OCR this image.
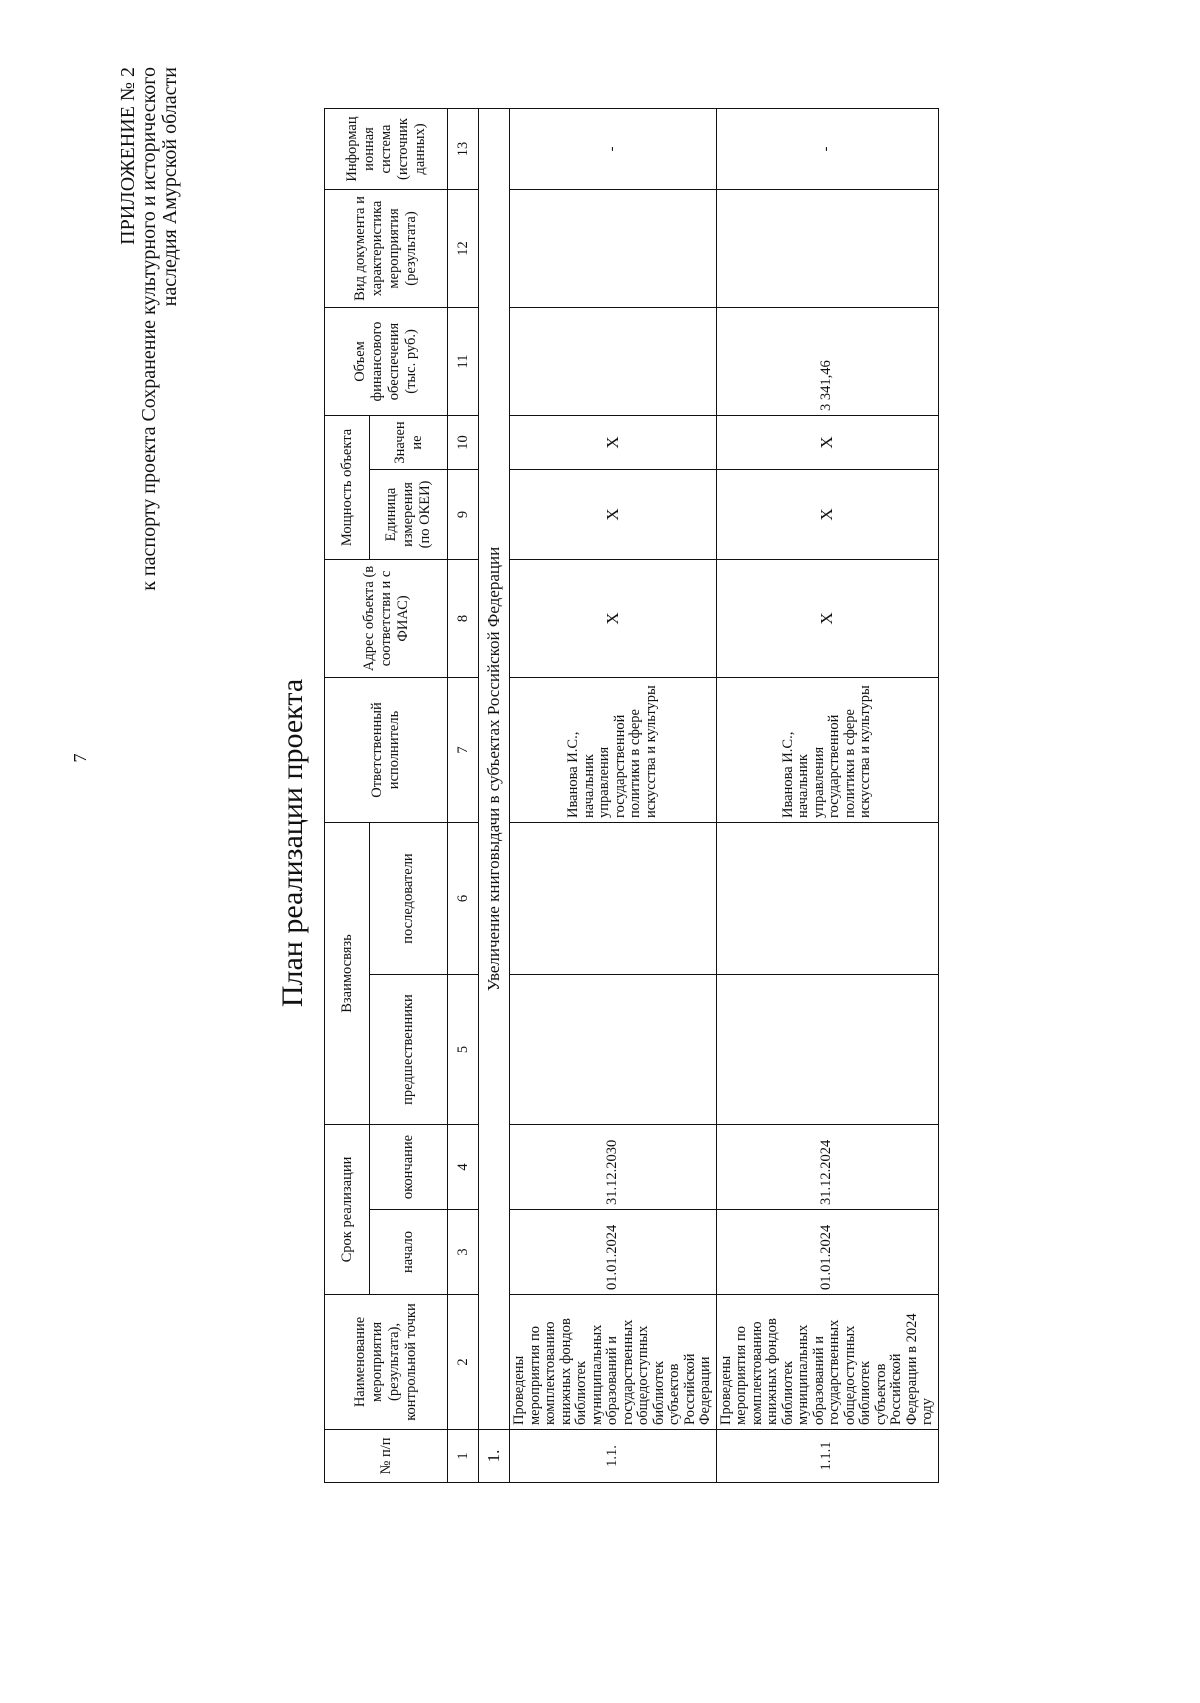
7
ПРИЛОЖЕНИЕ № 2 к паспорту проекта Сохранение культурного и исторического наследия Амурской области
План реализации проекта
№ п/п	Наименование мероприятия (результата), контрольной точки	Срок реализации		Взаимосвязь		Ответственный исполнитель	Адрес объекта (в соответстви и с ФИАС)	Мощность объекта		Объем финансового обеспечения (тыс. руб.)	Вид документа и характеристика мероприятия (результата)	Информационная система (источник данных)
		начало	окончание	предшественники	последователи			Единица измерения (по ОКЕИ)	Значение			
1	2	3	4	5	6	7	8	9	10	11	12	13
1.	Увеличение книговыдачи в субъектах Российской Федерации											
1.1.	Проведены мероприятия по комплектованию книжных фондов библиотек муниципальных образований и государственных общедоступных библиотек субъектов Российской Федерации	01.01.2024	31.12.2030			Иванова И.С., начальник управления государственной политики в сфере искусства и культуры	X	X	X			-
1.1.1	Проведены мероприятия по комплектованию книжных фондов библиотек муниципальных образований и государственных общедоступных библиотек субъектов Российской Федерации в 2024 году	01.01.2024	31.12.2024			Иванова И.С., начальник управления государственной политики в сфере искусства и культуры	X	X	X	3 341,46		-
